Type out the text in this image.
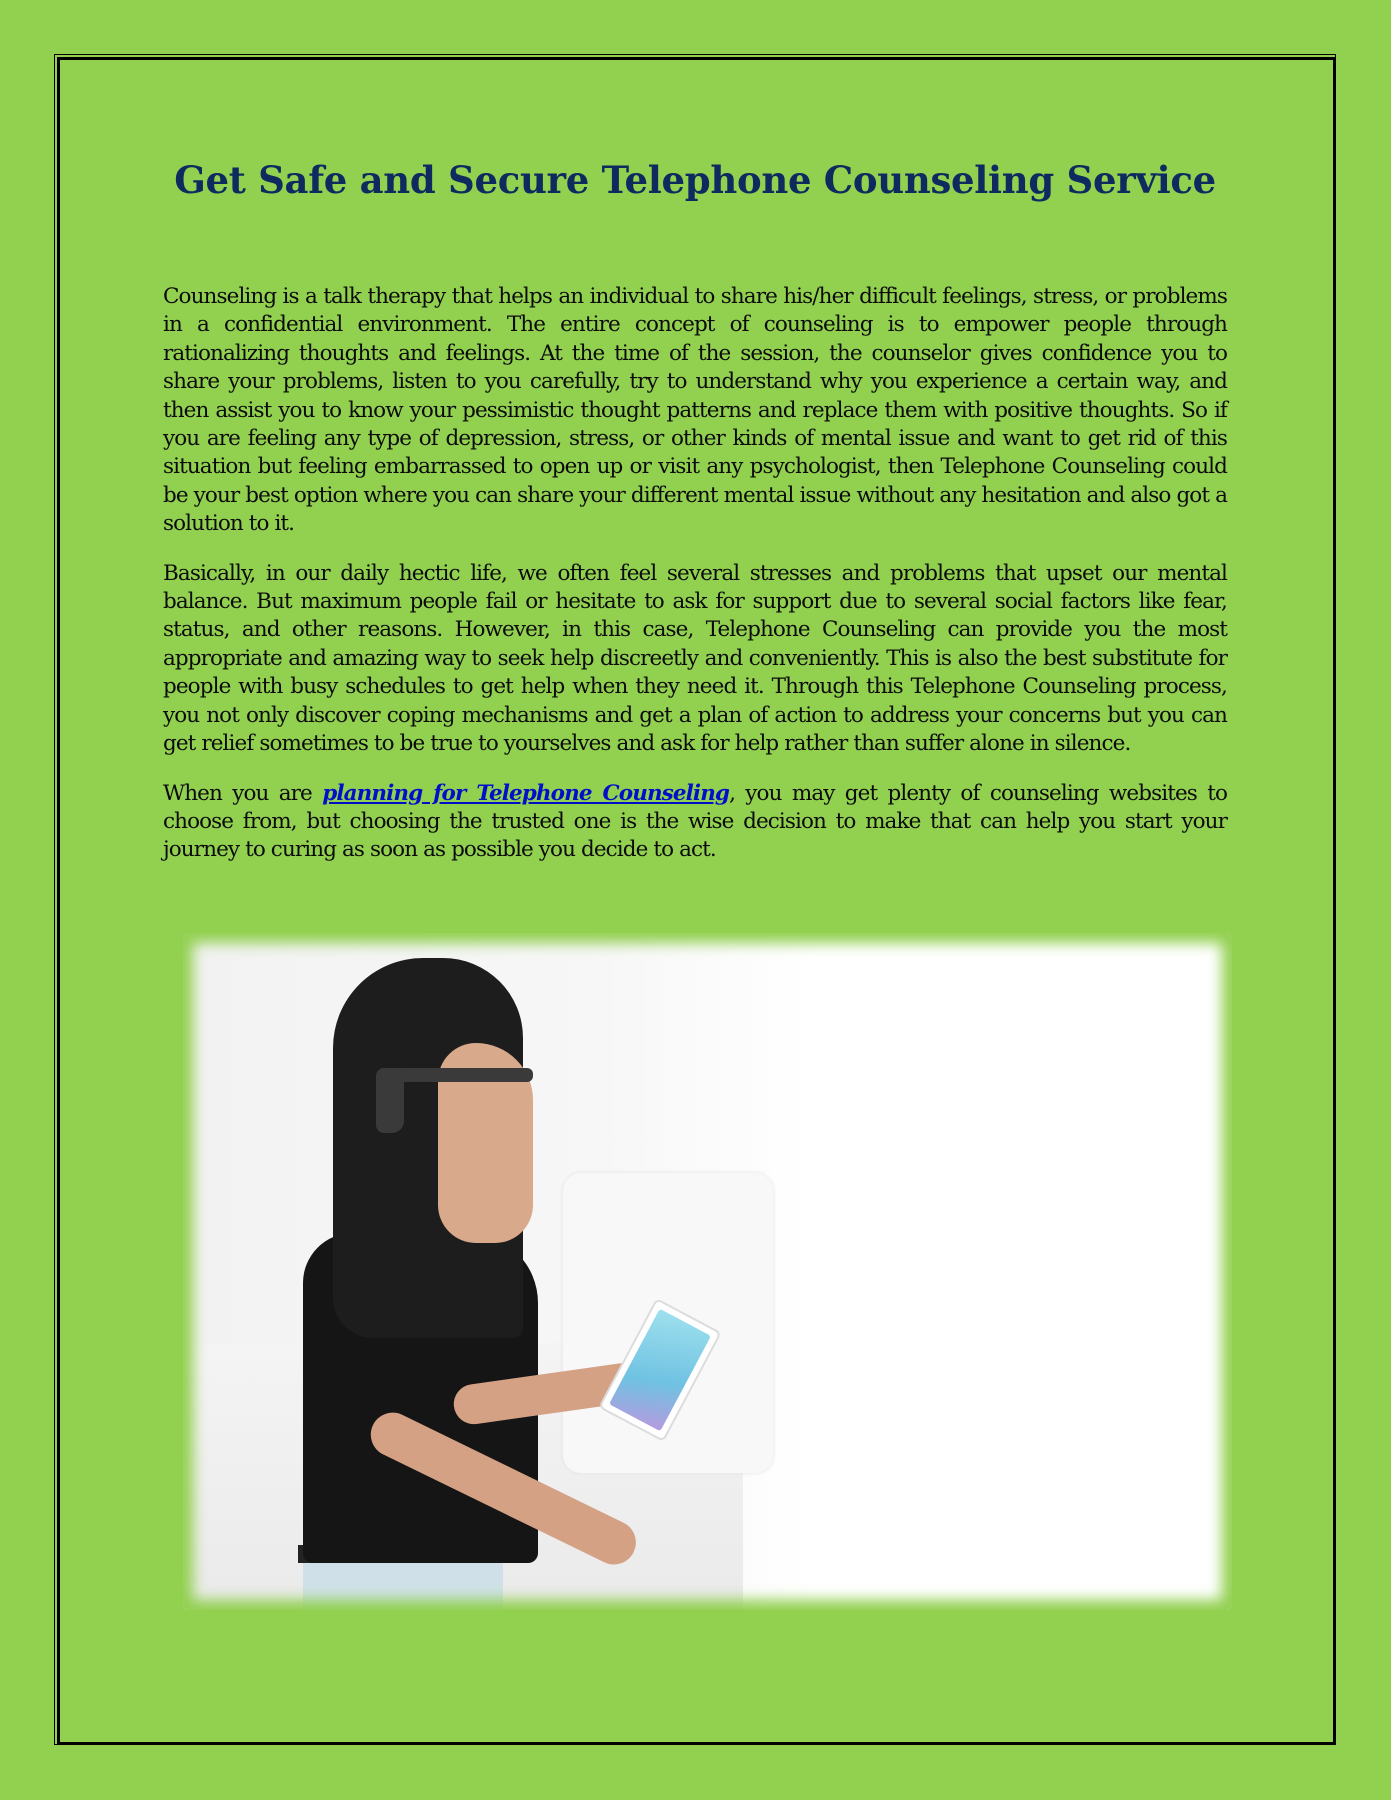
Get Safe and Secure Telephone Counseling Service

Counseling is a talk therapy that helps an individual to share his/her difficult feelings, stress, or problems in a confidential environment. The entire concept of counseling is to empower people through rationalizing thoughts and feelings. At the time of the session, the counselor gives confidence you to share your problems, listen to you carefully, try to understand why you experience a certain way, and then assist you to know your pessimistic thought patterns and replace them with positive thoughts. So if you are feeling any type of depression, stress, or other kinds of mental issue and want to get rid of this situation but feeling embarrassed to open up or visit any psychologist, then Telephone Counseling could be your best option where you can share your different mental issue without any hesitation and also got a solution to it.

Basically, in our daily hectic life, we often feel several stresses and problems that upset our mental balance. But maximum people fail or hesitate to ask for support due to several social factors like fear, status, and other reasons. However, in this case, Telephone Counseling can provide you the most appropriate and amazing way to seek help discreetly and conveniently. This is also the best substitute for people with busy schedules to get help when they need it. Through this Telephone Counseling process, you not only discover coping mechanisms and get a plan of action to address your concerns but you can get relief sometimes to be true to yourselves and ask for help rather than suffer alone in silence.

When you are planning for Telephone Counseling, you may get plenty of counseling websites to choose from, but choosing the trusted one is the wise decision to make that can help you start your journey to curing as soon as possible you decide to act.
